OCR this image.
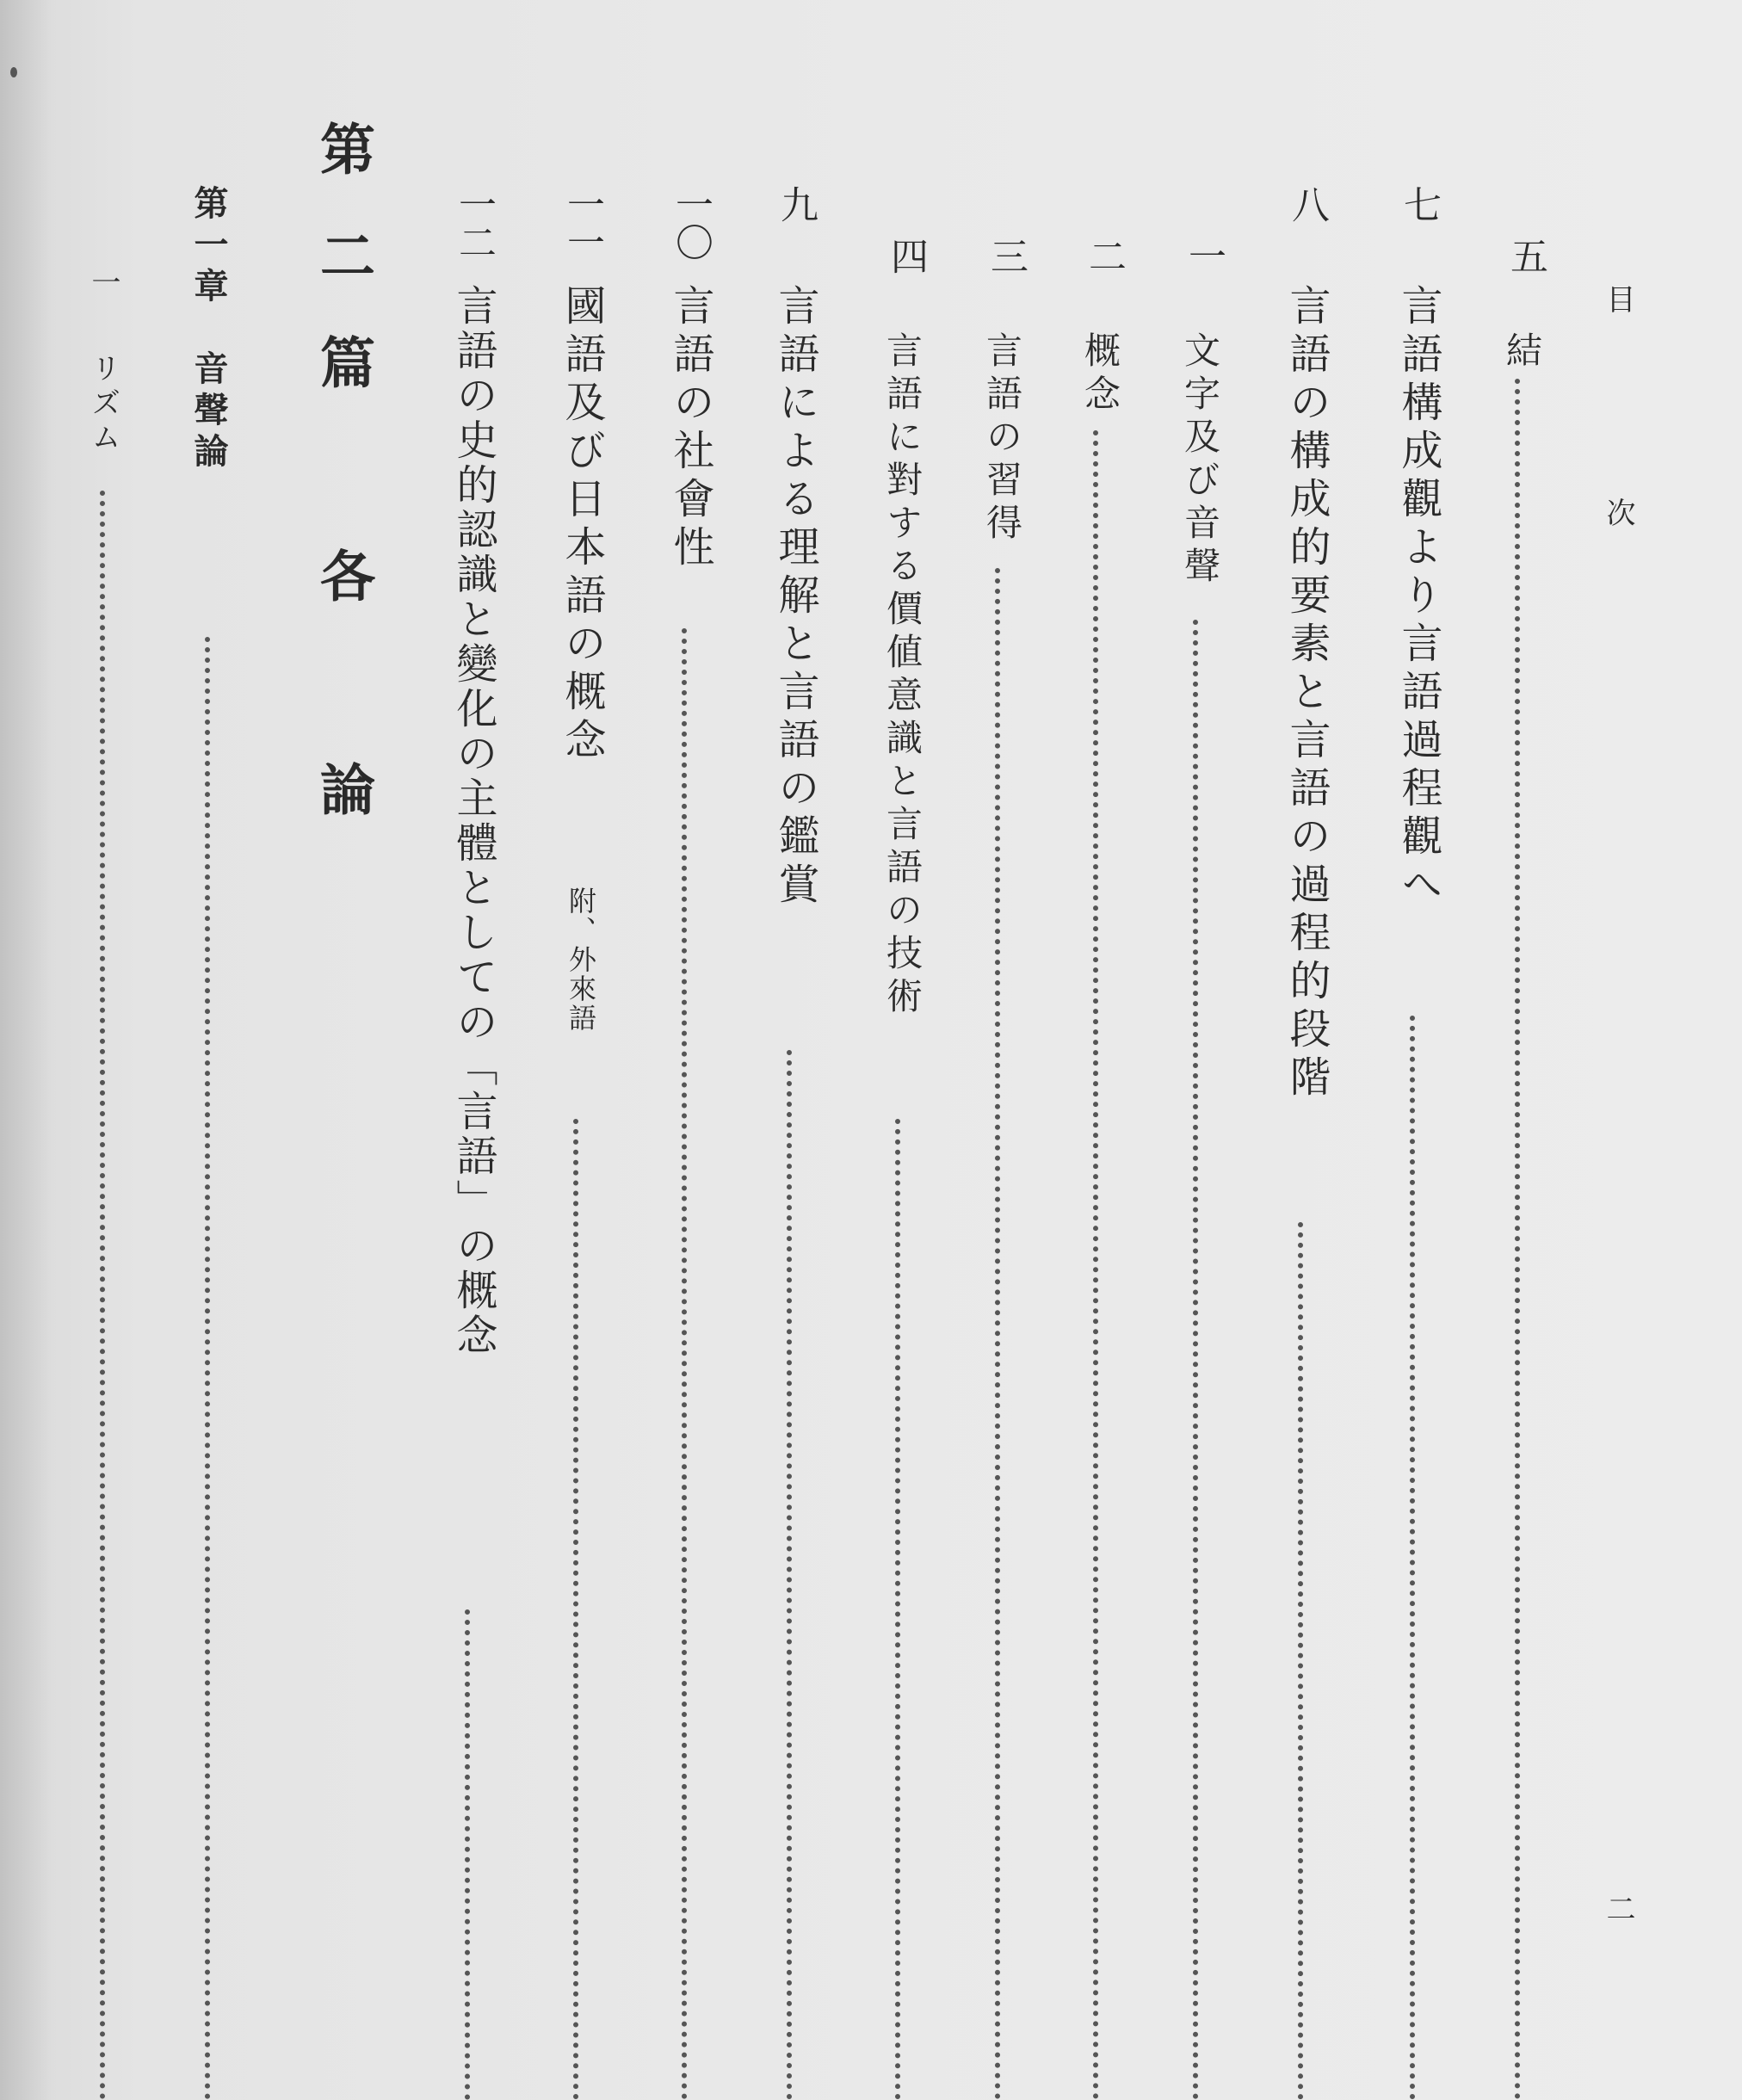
目　次
二
五
結
七
言語構成觀より言語過程觀へ
八
言語の構成的要素と言語の過程的段階
一
文字及び音聲
二
概念
三
言語の習得
四
言語に對する價値意識と言語の技術
九
言語による理解と言語の鑑賞
一〇
言語の社會性
一一
國語及び日本語の概念
附、外來語
一二
言語の史的認識と變化の主體としての「言語」の概念
第二篇　各　論
第一章　音聲論
一
リズム
